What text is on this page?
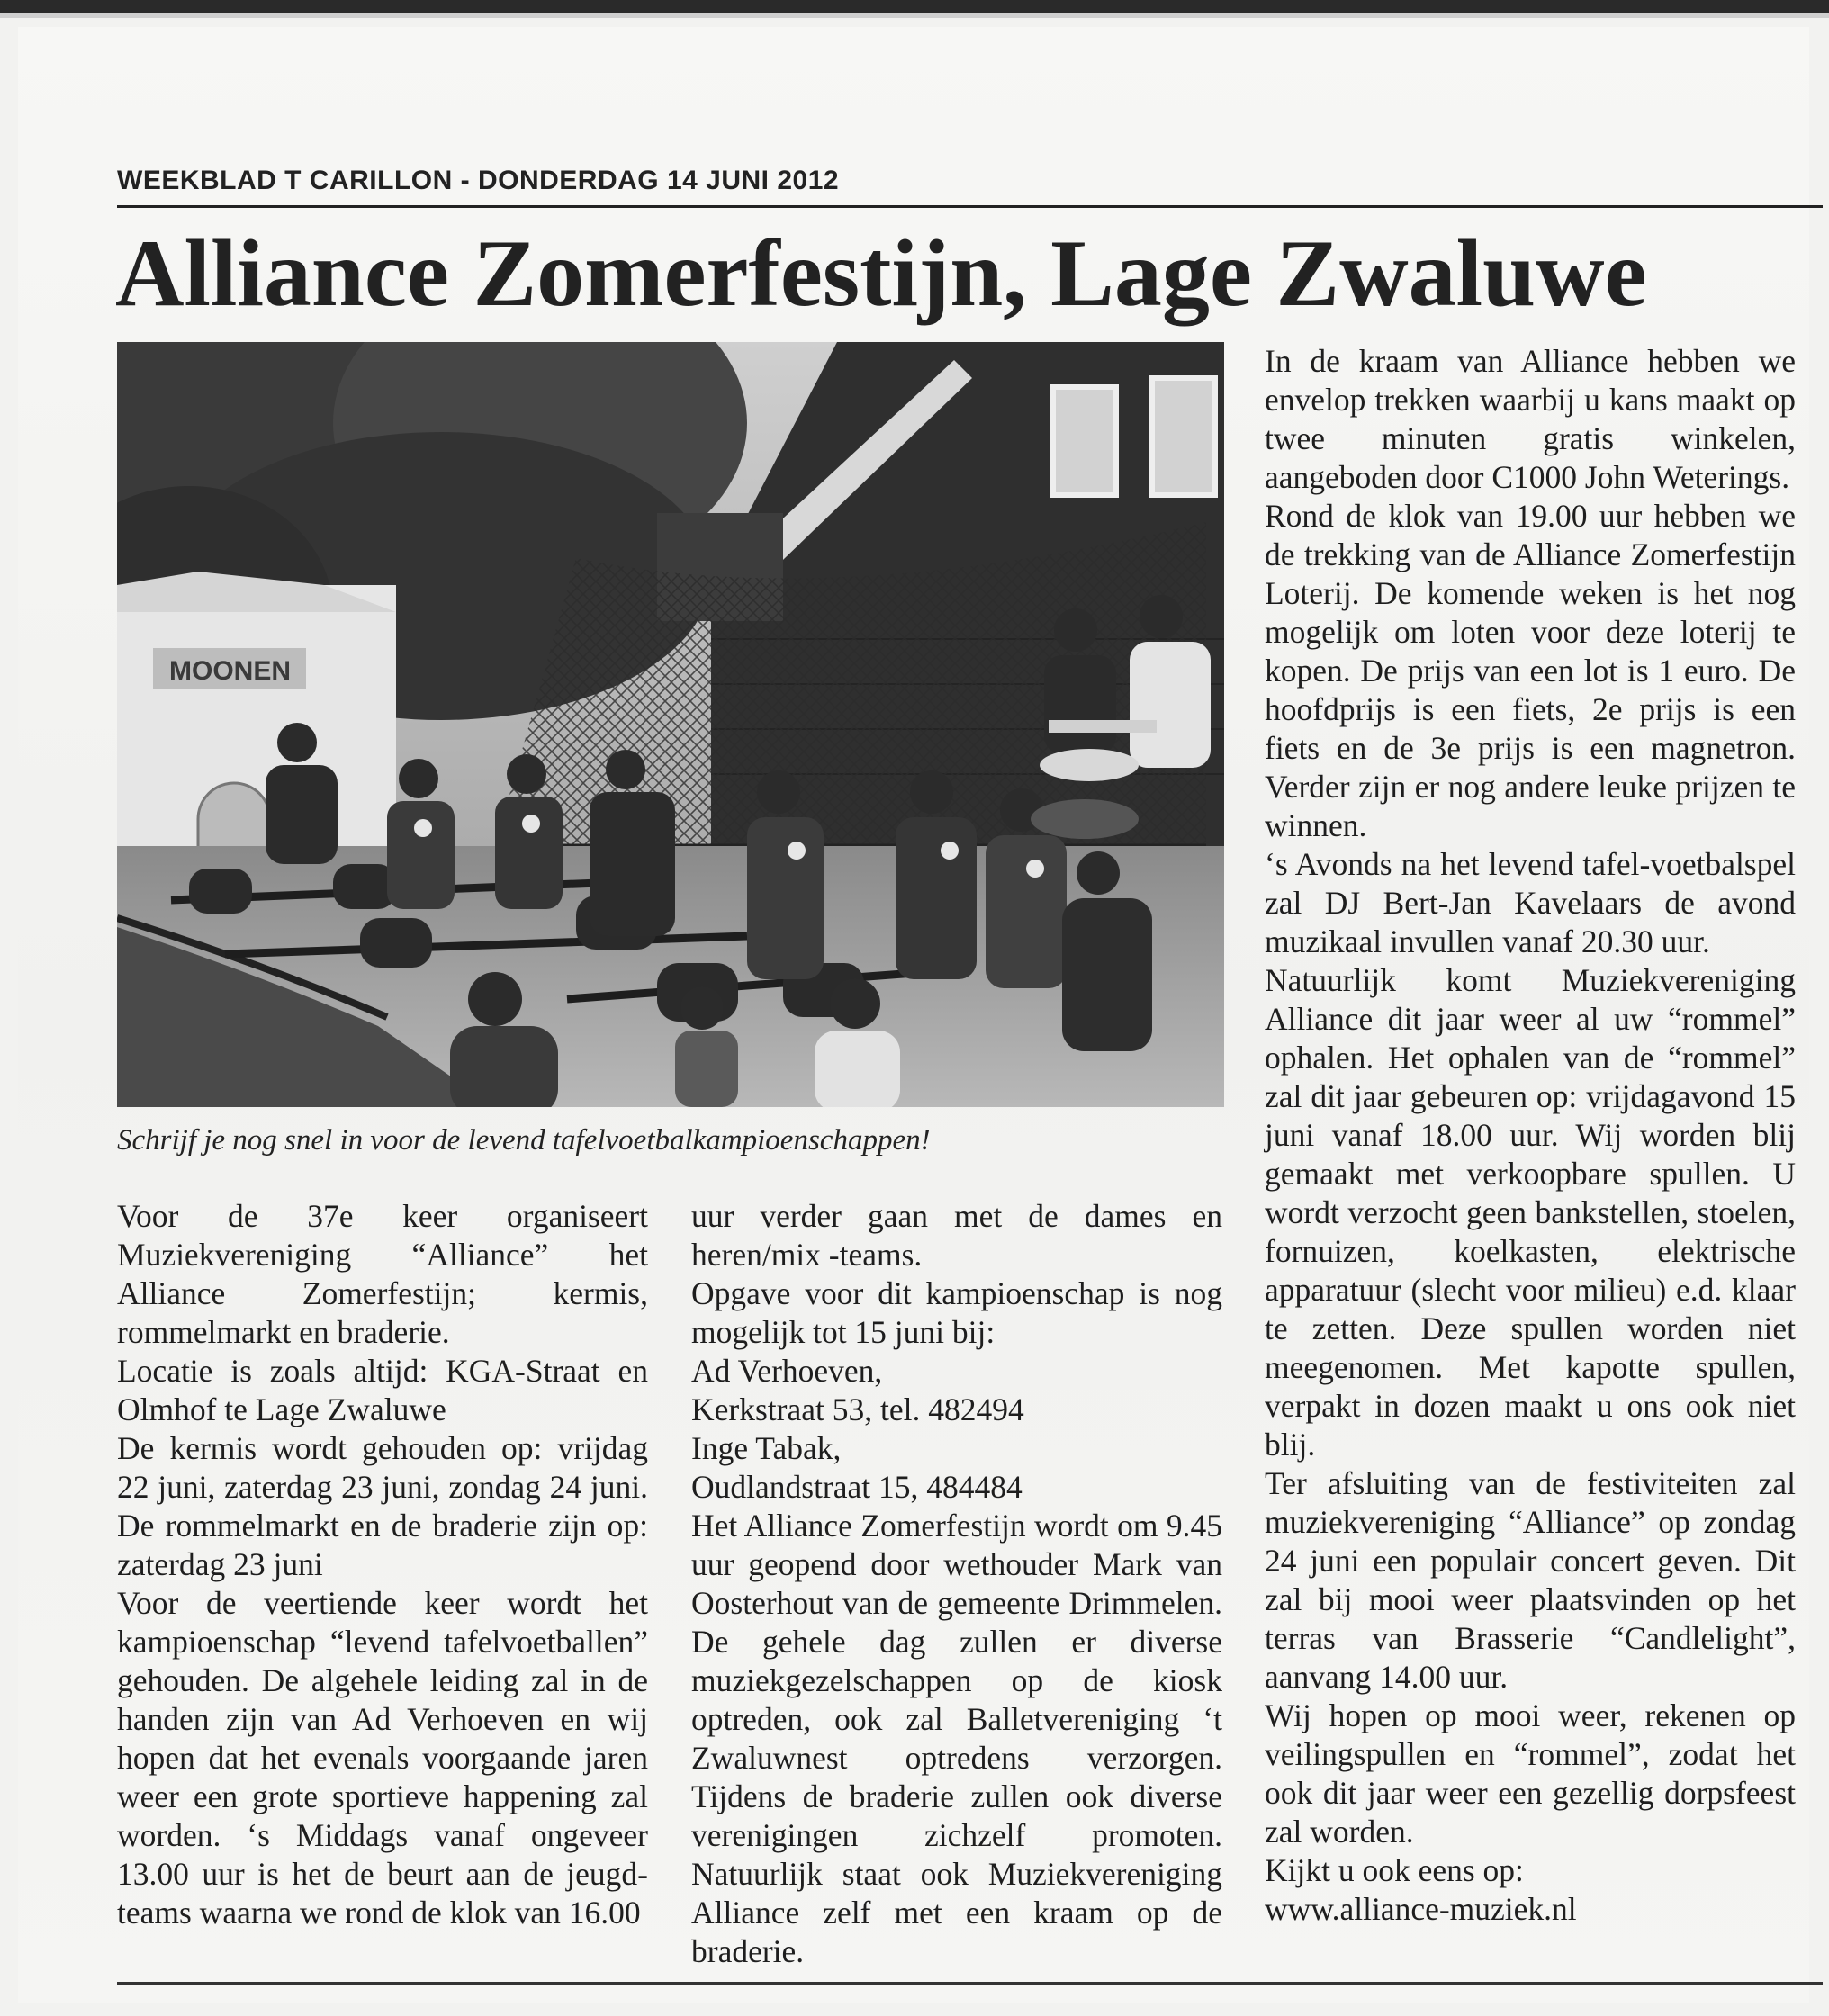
WEEKBLAD T CARILLON - DONDERDAG 14 JUNI 2012
Alliance Zomerfestijn, Lage Zwaluwe
MOONEN
Schrijf je nog snel in voor de levend tafelvoetbalkampioenschappen!

Voor de 37e keer organiseert Muziekvereniging “Alliance” het Alliance Zomerfestijn; kermis, rommelmarkt en braderie.

Locatie is zoals altijd: KGA-Straat en Olmhof te Lage Zwaluwe

De kermis wordt gehouden op: vrijdag 22 juni, zaterdag 23 juni, zondag 24 juni. De rommelmarkt en de braderie zijn op: zaterdag 23 juni

Voor de veertiende keer wordt het kampioenschap “levend tafelvoetballen” gehouden. De algehele leiding zal in de handen zijn van Ad Verhoeven en wij hopen dat het evenals voorgaande jaren weer een grote sportieve happening zal worden. ‘s Middags vanaf ongeveer 13.00 uur is het de beurt aan de jeugd-teams waarna we rond de klok van 16.00

uur verder gaan met de dames en heren/mix -teams.

Opgave voor dit kampioenschap is nog mogelijk tot 15 juni bij:

Ad Verhoeven,

Kerkstraat 53, tel. 482494

Inge Tabak,

Oudlandstraat 15, 484484

Het Alliance Zomerfestijn wordt om 9.45 uur geopend door wethouder Mark van Oosterhout van de gemeente Drimmelen. De gehele dag zullen er diverse muziekgezelschappen op de kiosk optreden, ook zal Balletvereniging ‘t Zwaluwnest optredens verzorgen. Tijdens de braderie zullen ook diverse verenigingen zichzelf promoten. Natuurlijk staat ook Muziekvereniging Alliance zelf met een kraam op de braderie.

In de kraam van Alliance hebben we envelop trekken waarbij u kans maakt op twee minuten gratis winkelen, aangeboden door C1000 John Weterings.

Rond de klok van 19.00 uur hebben we de trekking van de Alliance Zomerfestijn Loterij. De komende weken is het nog mogelijk om loten voor deze loterij te kopen. De prijs van een lot is 1 euro. De hoofdprijs is een fiets, 2e prijs is een fiets en de 3e prijs is een magnetron. Verder zijn er nog andere leuke prijzen te winnen.

‘s Avonds na het levend tafel-voetbalspel zal DJ Bert-Jan Kavelaars de avond muzikaal invullen vanaf 20.30 uur.

Natuurlijk komt Muziekvereniging Alliance dit jaar weer al uw “rommel” ophalen. Het ophalen van de “rommel” zal dit jaar gebeuren op: vrijdagavond 15 juni vanaf 18.00 uur. Wij worden blij gemaakt met verkoopbare spullen. U wordt verzocht geen bankstellen, stoelen, fornuizen, koelkasten, elektrische apparatuur (slecht voor milieu) e.d. klaar te zetten. Deze spullen worden niet meegenomen. Met kapotte spullen, verpakt in dozen maakt u ons ook niet blij.

Ter afsluiting van de festiviteiten zal muziekvereniging “Alliance” op zondag 24 juni een populair concert geven. Dit zal bij mooi weer plaatsvinden op het terras van Brasserie “Candlelight”, aanvang 14.00 uur.

Wij hopen op mooi weer, rekenen op veilingspullen en “rommel”, zodat het ook dit jaar weer een gezellig dorpsfeest zal worden.

Kijkt u ook eens op:

www.alliance-muziek.nl
